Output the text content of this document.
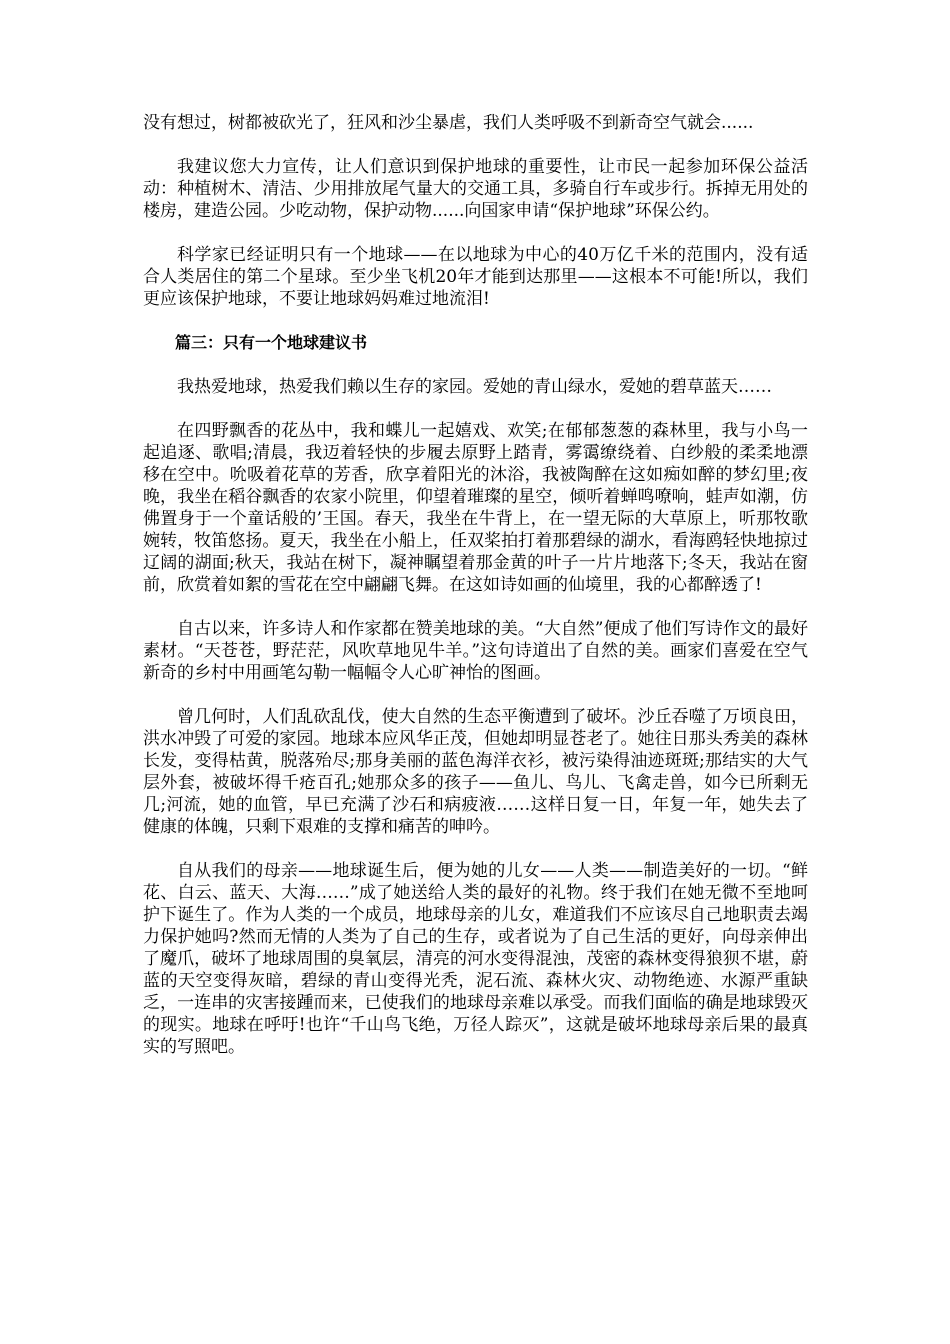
没有想过，树都被砍光了，狂风和沙尘暴虐，我们人类呼吸不到新奇空气就会......

我建议您大力宣传，让人们意识到保护地球的重要性，让市民一起参加环保公益活动：种植树木、清洁、少用排放尾气量大的交通工具，多骑自行车或步行。拆掉无用处的楼房，建造公园。少吃动物，保护动物......向国家申请“保护地球”环保公约。

科学家已经证明只有一个地球——在以地球为中心的40万亿千米的范围内，没有适合人类居住的第二个星球。至少坐飞机20年才能到达那里——这根本不可能!所以，我们更应该保护地球，不要让地球妈妈难过地流泪!

篇三：只有一个地球建议书

我热爱地球，热爱我们赖以生存的家园。爱她的青山绿水，爱她的碧草蓝天……

在四野飘香的花丛中，我和蝶儿一起嬉戏、欢笑;在郁郁葱葱的森林里，我与小鸟一起追逐、歌唱;清晨，我迈着轻快的步履去原野上踏青，雾霭缭绕着、白纱般的柔柔地漂移在空中。吮吸着花草的芳香，欣享着阳光的沐浴，我被陶醉在这如痴如醉的梦幻里;夜晚，我坐在稻谷飘香的农家小院里，仰望着璀璨的星空，倾听着蝉鸣嘹响，蛙声如潮，仿佛置身于一个童话般的’王国。春天，我坐在牛背上，在一望无际的大草原上，听那牧歌婉转，牧笛悠扬。夏天，我坐在小船上，任双桨拍打着那碧绿的湖水，看海鸥轻快地掠过辽阔的湖面;秋天，我站在树下，凝神瞩望着那金黄的叶子一片片地落下;冬天，我站在窗前，欣赏着如絮的雪花在空中翩翩飞舞。在这如诗如画的仙境里，我的心都醉透了!

自古以来，许多诗人和作家都在赞美地球的美。“大自然”便成了他们写诗作文的最好素材。“天苍苍，野茫茫，风吹草地见牛羊。”这句诗道出了自然的美。画家们喜爱在空气新奇的乡村中用画笔勾勒一幅幅令人心旷神怡的图画。

曾几何时，人们乱砍乱伐，使大自然的生态平衡遭到了破坏。沙丘吞噬了万顷良田，洪水冲毁了可爱的家园。地球本应风华正茂，但她却明显苍老了。她往日那头秀美的森林长发，变得枯黄，脱落殆尽;那身美丽的蓝色海洋衣衫，被污染得油迹斑斑;那结实的大气层外套，被破坏得千疮百孔;她那众多的孩子——鱼儿、鸟儿、飞禽走兽，如今已所剩无几;河流，她的血管，早已充满了沙石和病疲液……这样日复一日，年复一年，她失去了健康的体魄，只剩下艰难的支撑和痛苦的呻吟。

自从我们的母亲——地球诞生后，便为她的儿女——人类——制造美好的一切。“鲜花、白云、蓝天、大海……”成了她送给人类的最好的礼物。终于我们在她无微不至地呵护下诞生了。作为人类的一个成员，地球母亲的儿女，难道我们不应该尽自己地职责去竭力保护她吗?然而无情的人类为了自己的生存，或者说为了自己生活的更好，向母亲伸出了魔爪，破坏了地球周围的臭氧层，清亮的河水变得混浊，茂密的森林变得狼狈不堪，蔚蓝的天空变得灰暗，碧绿的青山变得光秃，泥石流、森林火灾、动物绝迹、水源严重缺乏，一连串的灾害接踵而来，已使我们的地球母亲难以承受。而我们面临的确是地球毁灭的现实。地球在呼吁!也许“千山鸟飞绝，万径人踪灭”，这就是破坏地球母亲后果的最真实的写照吧。
